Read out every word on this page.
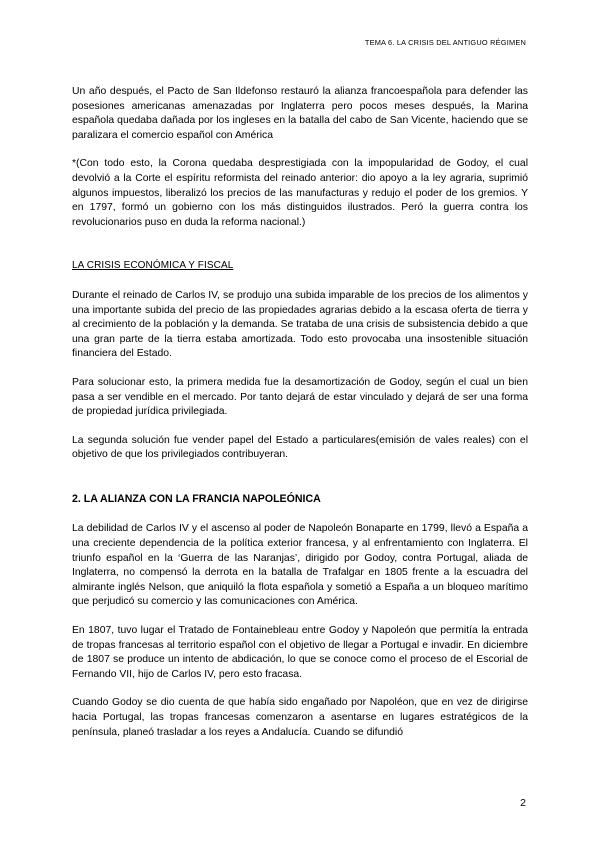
TEMA 6. LA CRISIS DEL ANTIGUO RÉGIMEN

Un año después, el Pacto de San Ildefonso restauró la alianza francoespañola para defender las posesiones americanas amenazadas por Inglaterra pero pocos meses después, la Marina española quedaba dañada por los ingleses en la batalla del cabo de San Vicente, haciendo que se paralizara el comercio español con América

*(Con todo esto, la Corona quedaba desprestigiada con la impopularidad de Godoy, el cual devolvió a la Corte el espíritu reformista del reinado anterior: dio apoyo a la ley agraria, suprimió algunos impuestos, liberalizó los precios de las manufacturas y redujo el poder de los gremios. Y en 1797, formó un gobierno con los más distinguidos ilustrados. Peró la guerra contra los revolucionarios puso en duda la reforma nacional.)

LA CRISIS ECONÓMICA Y FISCAL

Durante el reinado de Carlos IV, se produjo una subida imparable de los precios de los alimentos y una importante subida del precio de las propiedades agrarias debido a la escasa oferta de tierra y al crecimiento de la población y la demanda. Se trataba de una crisis de subsistencia debido a que una gran parte de la tierra estaba amortizada. Todo esto provocaba una insostenible situación financiera del Estado.

Para solucionar esto, la primera medida fue la desamortización de Godoy, según el cual un bien pasa a ser vendible en el mercado. Por tanto dejará de estar vinculado y dejará de ser una forma de propiedad jurídica privilegiada.

La segunda solución fue vender papel del Estado a particulares(emisión de vales reales) con el objetivo de que los privilegiados contribuyeran.

2. LA ALIANZA CON LA FRANCIA NAPOLEÓNICA

La debilidad de Carlos IV y el ascenso al poder de Napoleón Bonaparte en 1799, llevó a España a una creciente dependencia de la política exterior francesa, y al enfrentamiento con Inglaterra. El triunfo español en la ‘Guerra de las Naranjas’, dirigido por Godoy, contra Portugal, aliada de Inglaterra, no compensó la derrota en la batalla de Trafalgar en 1805 frente a la escuadra del almirante inglés Nelson, que aniquiló la flota española y sometió a España a un bloqueo marítimo que perjudicó su comercio y las comunicaciones con América.

En 1807, tuvo lugar el Tratado de Fontainebleau entre Godoy y Napoleón que permitía la entrada de tropas francesas al territorio español con el objetivo de llegar a Portugal e invadir. En diciembre de 1807 se produce un intento de abdicación, lo que se conoce como el proceso de el Escorial de Fernando VII, hijo de Carlos IV, pero esto fracasa.

Cuando Godoy se dio cuenta de que había sido engañado por Napoléon, que en vez de dirigirse hacia Portugal, las tropas francesas comenzaron a asentarse en lugares estratégicos de la península, planeó trasladar a los reyes a Andalucía. Cuando se difundió

2
